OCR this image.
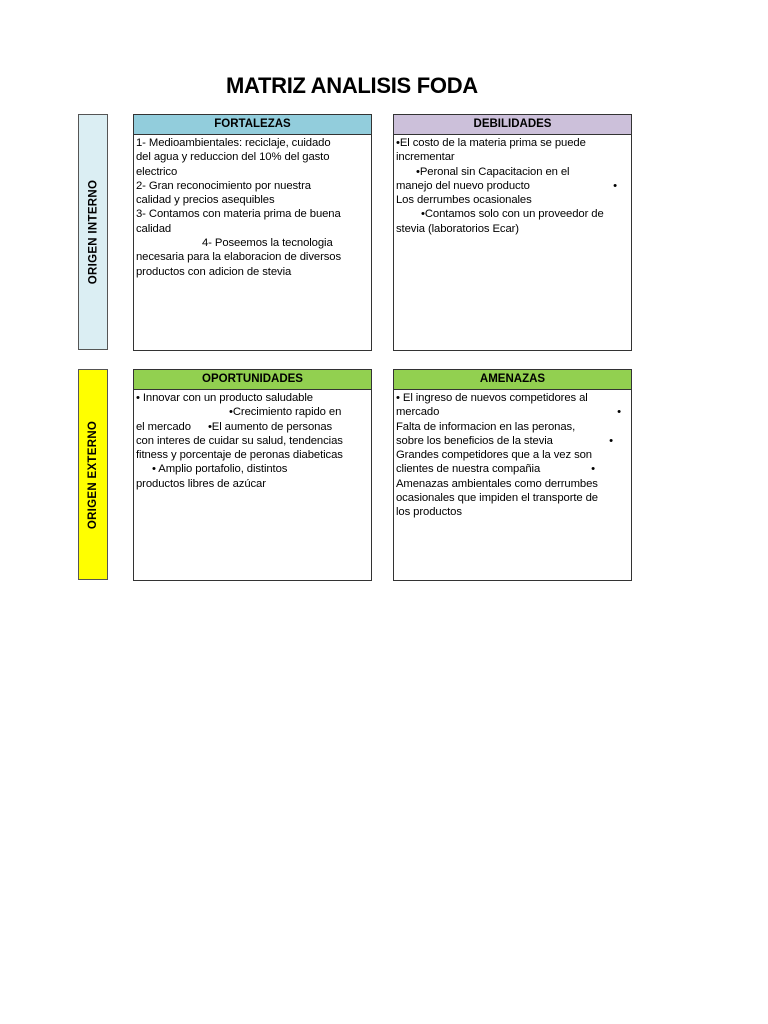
MATRIZ ANALISIS FODA
ORIGEN INTERNO
ORIGEN EXTERNO
FORTALEZAS

1- Medioambientales: reciclaje, cuidado

del agua y reduccion del 10% del gasto

electrico

2- Gran reconocimiento por nuestra

calidad y precios asequibles

3- Contamos con materia prima de buena

calidad

4- Poseemos la tecnologia

necesaria para la elaboracion de diversos

productos con adicion de stevia

DEBILIDADES

•El costo de la materia prima se puede

incrementar

•Peronal sin Capacitacion en el

manejo del nuevo producto	•

Los derrumbes ocasionales

•Contamos solo con un proveedor de

stevia (laboratorios Ecar)

OPORTUNIDADES

• Innovar con un producto saludable

•Crecimiento rapido en

el mercado •El aumento de personas

con interes de cuidar su salud, tendencias

fitness y porcentaje de peronas diabeticas

• Amplio portafolio, distintos

productos libres de azúcar

AMENAZAS

• El ingreso de nuevos competidores al

mercado	•

Falta de informacion en las peronas,

sobre los beneficios de la stevia	•

Grandes competidores que a la vez son

clientes de nuestra compañia	•

Amenazas ambientales como derrumbes

ocasionales que impiden el transporte de

los productos
